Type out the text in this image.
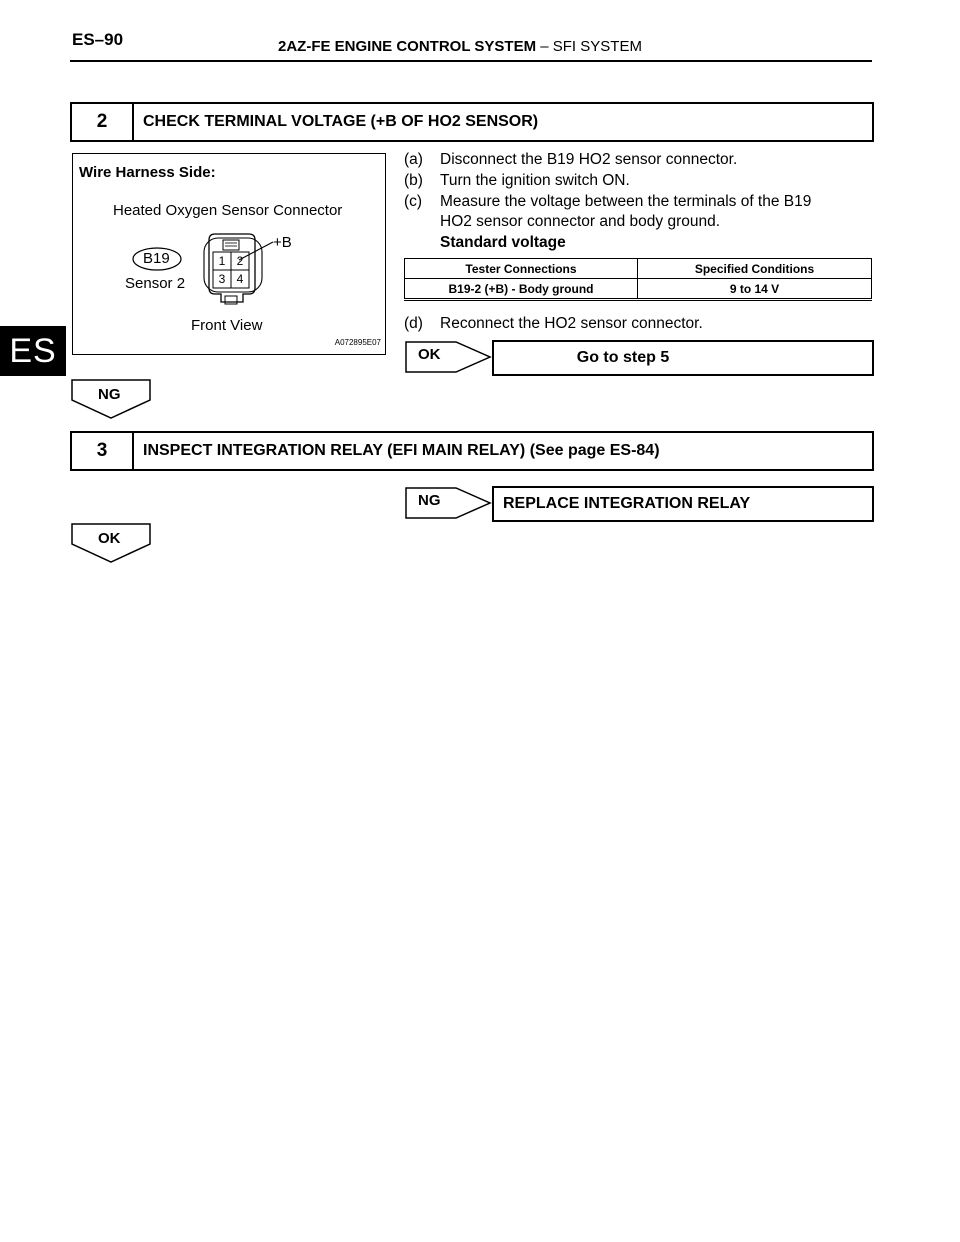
ES–90	2AZ-FE ENGINE CONTROL SYSTEM – SFI SYSTEM
ES
2	CHECK TERMINAL VOLTAGE (+B OF HO2 SENSOR)
Wire Harness Side:
Heated Oxygen Sensor Connector
B19
Sensor 2
+B
1 2
3 4
Front View
A072895E07
(a) Disconnect the B19 HO2 sensor connector.
(b) Turn the ignition switch ON.
(c) Measure the voltage between the terminals of the B19
HO2 sensor connector and body ground.
Standard voltage
Tester Connections	Specified Conditions
B19-2 (+B) - Body ground	9 to 14 V
(d) Reconnect the HO2 sensor connector.
OK	Go to step 5
NG
3	INSPECT INTEGRATION RELAY (EFI MAIN RELAY) (See page ES-84)
NG	REPLACE INTEGRATION RELAY
OK
